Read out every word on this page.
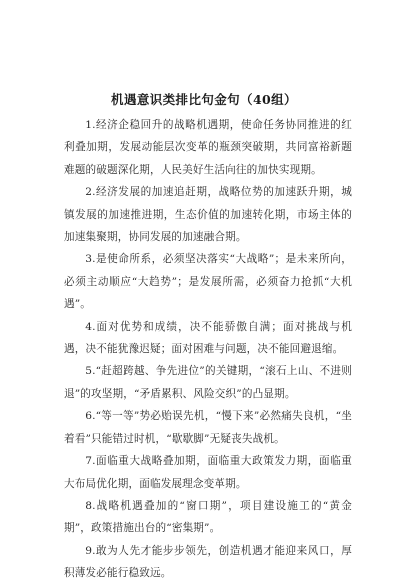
机遇意识类排比句金句（40组）

1.经济企稳回升的战略机遇期，使命任务协同推进的红利叠加期，发展动能层次变革的瓶颈突破期，共同富裕新题难题的破题深化期，人民美好生活向往的加快实现期。

2.经济发展的加速追赶期，战略位势的加速跃升期，城镇发展的加速推进期，生态价值的加速转化期，市场主体的加速集聚期，协同发展的加速融合期。

3.是使命所系，必须坚决落实“大战略”；是未来所向，必须主动顺应“大趋势”；是发展所需，必须奋力抢抓“大机遇”。

4.面对优势和成绩，决不能骄傲自满；面对挑战与机遇，决不能犹豫迟疑；面对困难与问题，决不能回避退缩。

5.“赶超跨越、争先进位”的关键期，“滚石上山、不进则退”的攻坚期，“矛盾累积、风险交织”的凸显期。

6.“等一等”势必贻误先机，“慢下来”必然痛失良机，“坐着看”只能错过时机，“歇歇脚”无疑丧失战机。

7.面临重大战略叠加期，面临重大政策发力期，面临重大布局优化期，面临发展理念变革期。

8.战略机遇叠加的“窗口期”，项目建设施工的“黄金期”，政策措施出台的“密集期”。

9.敢为人先才能步步领先，创造机遇才能迎来风口，厚积薄发必能行稳致远。
